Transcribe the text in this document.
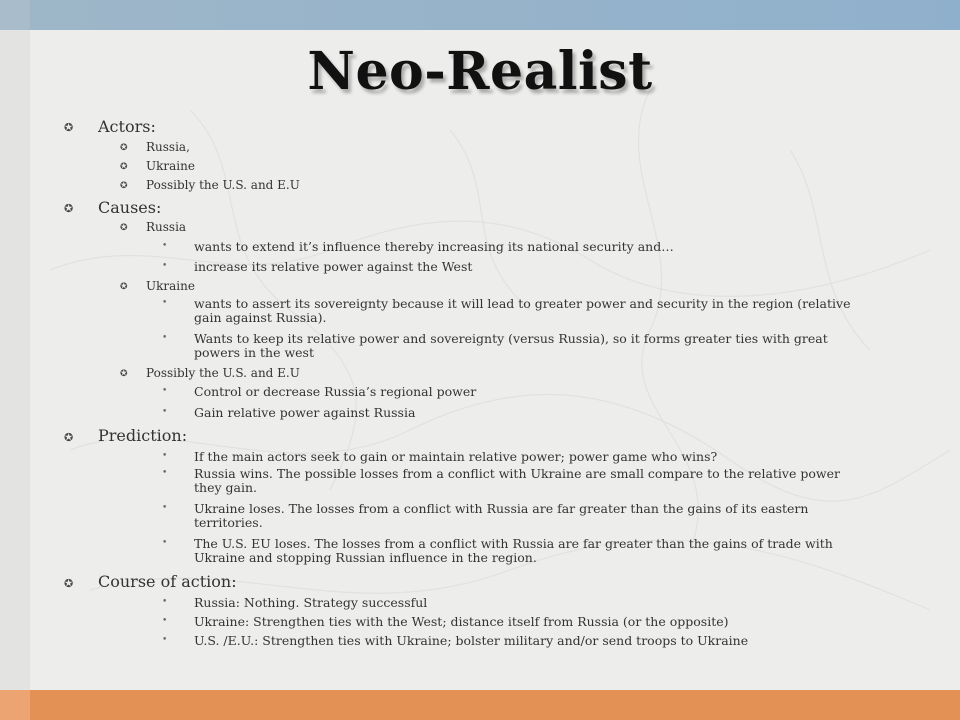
Neo-Realist
✪ Actors:
✪ Russia,
✪ Ukraine
✪ Possibly the U.S. and E.U
✪ Causes:
✪ Russia
• wants to extend it’s influence thereby increasing its national security and…
• increase its relative power against the West
✪ Ukraine
• wants to assert its sovereignty because it will lead to greater power and security in the region (relative
gain against Russia).
• Wants to keep its relative power and sovereignty (versus Russia), so it forms greater ties with great
powers in the west
✪ Possibly the U.S. and E.U
• Control or decrease Russia’s regional power
• Gain relative power against Russia
✪ Prediction:
• If the main actors seek to gain or maintain relative power; power game who wins?
• Russia wins. The possible losses from a conflict with Ukraine are small compare to the relative power
they gain.
• Ukraine loses. The losses from a conflict with Russia are far greater than the gains of its eastern
territories.
• The U.S. EU loses. The losses from a conflict with Russia are far greater than the gains of trade with
Ukraine and stopping Russian influence in the region.
✪ Course of action:
• Russia: Nothing. Strategy successful
• Ukraine: Strengthen ties with the West; distance itself from Russia (or the opposite)
• U.S. /E.U.: Strengthen ties with Ukraine; bolster military and/or send troops to Ukraine
